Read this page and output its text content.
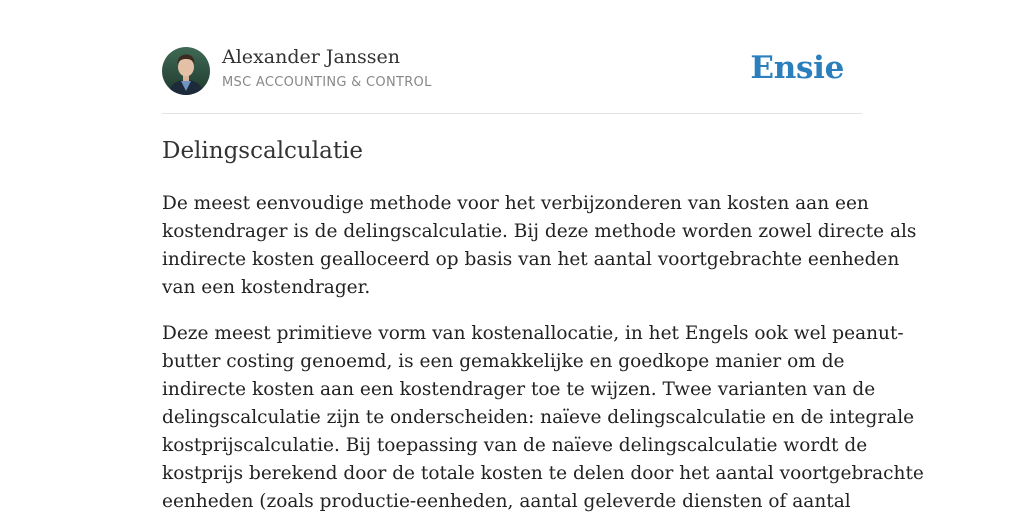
Alexander Janssen
MSC ACCOUNTING & CONTROL	Ensie
Delingscalculatie

De meest eenvoudige methode voor het verbijzonderen van kosten aan een
kostendrager is de delingscalculatie. Bij deze methode worden zowel directe als
indirecte kosten gealloceerd op basis van het aantal voortgebrachte eenheden
van een kostendrager.

Deze meest primitieve vorm van kostenallocatie, in het Engels ook wel peanut-
butter costing genoemd, is een gemakkelijke en goedkope manier om de
indirecte kosten aan een kostendrager toe te wijzen. Twee varianten van de
delingscalculatie zijn te onderscheiden: naïeve delingscalculatie en de integrale
kostprijscalculatie. Bij toepassing van de naïeve delingscalculatie wordt de
kostprijs berekend door de totale kosten te delen door het aantal voortgebrachte
eenheden (zoals productie-eenheden, aantal geleverde diensten of aantal
